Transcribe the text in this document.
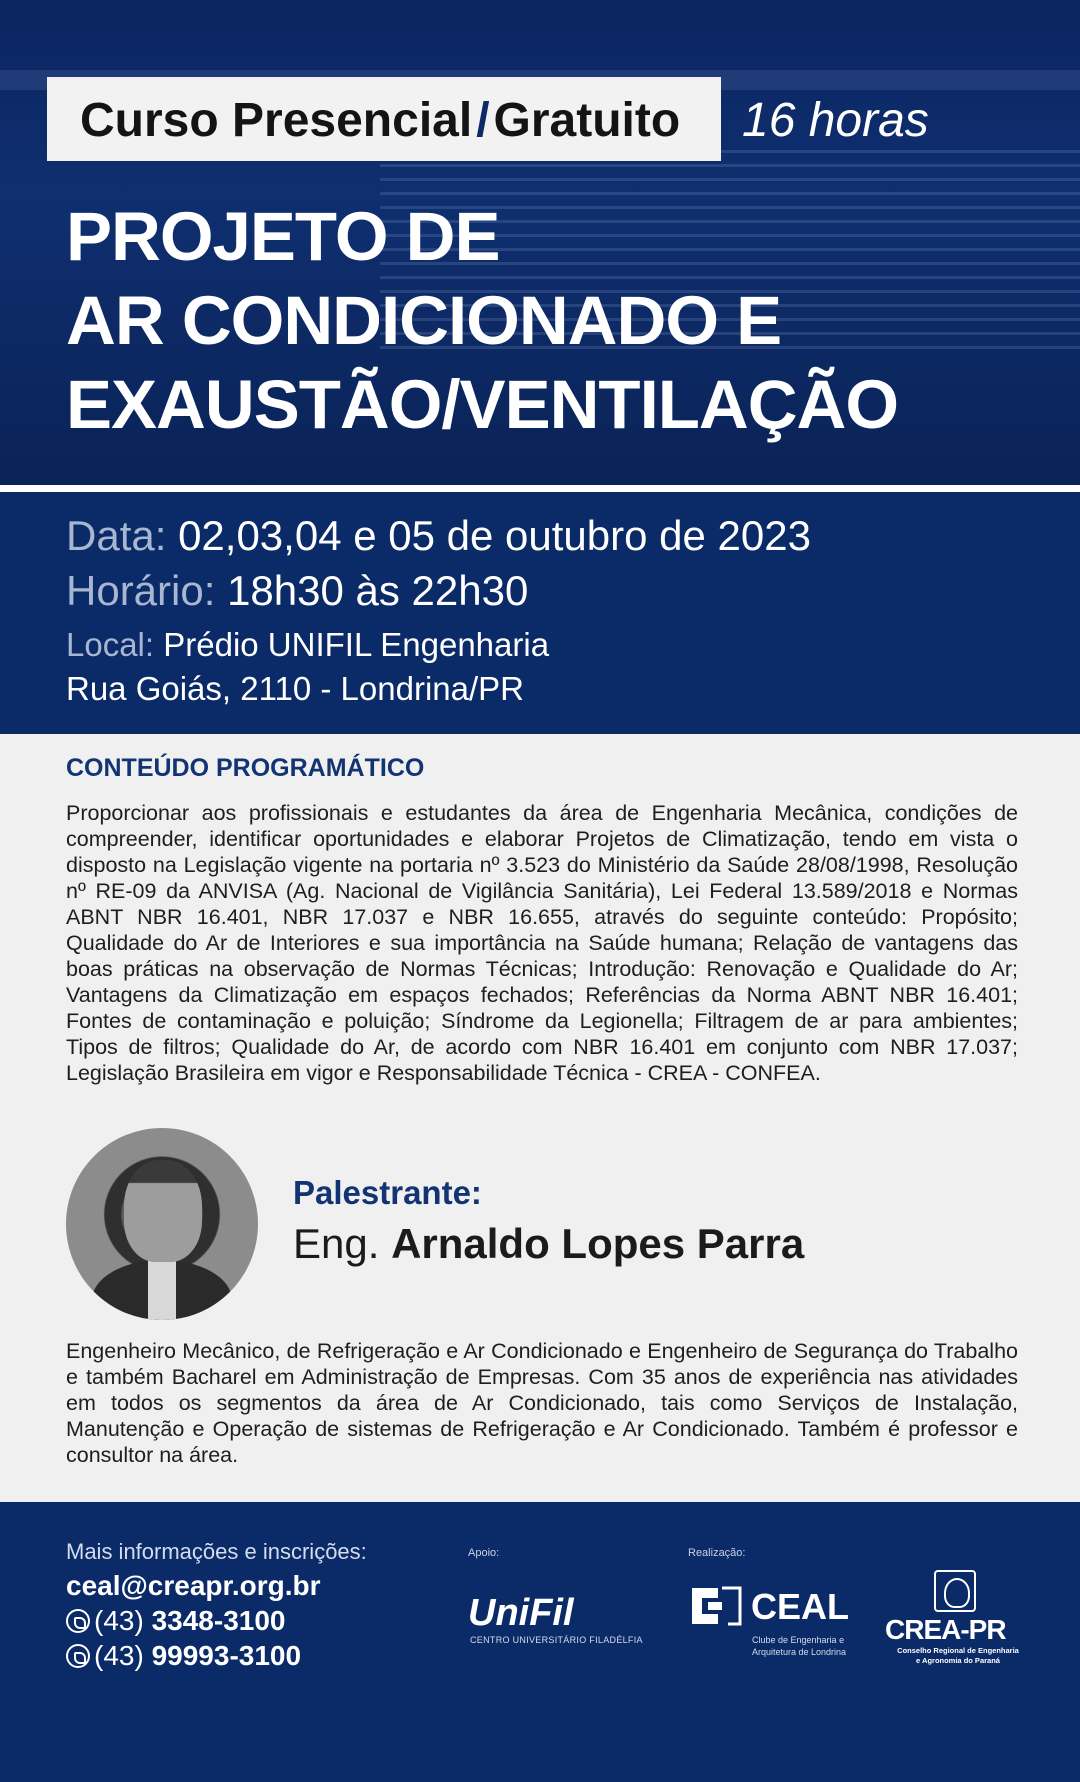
Curso Presencial/Gratuito 16 horas
PROJETO DE
AR CONDICIONADO E
EXAUSTÃO/VENTILAÇÃO
Data: 02,03,04 e 05 de outubro de 2023
Horário: 18h30 às 22h30
Local: Prédio UNIFIL Engenharia
Rua Goiás, 2110 - Londrina/PR
CONTEÚDO PROGRAMÁTICO
Proporcionar aos profissionais e estudantes da área de Engenharia Mecânica, condições de compreender, identificar oportunidades e elaborar Projetos de Climatização, tendo em vista o disposto na Legislação vigente na portaria nº 3.523 do Ministério da Saúde 28/08/1998, Resolução nº RE-09 da ANVISA (Ag. Nacional de Vigilância Sanitária), Lei Federal 13.589/2018 e Normas ABNT NBR 16.401, NBR 17.037 e NBR 16.655, através do seguinte conteúdo: Propósito; Qualidade do Ar de Interiores e sua importância na Saúde humana; Relação de vantagens das boas práticas na observação de Normas Técnicas; Introdução: Renovação e Qualidade do Ar; Vantagens da Climatização em espaços fechados; Referências da Norma ABNT NBR 16.401; Fontes de contaminação e poluição; Síndrome da Legionella; Filtragem de ar para ambientes; Tipos de filtros; Qualidade do Ar, de acordo com NBR 16.401 em conjunto com NBR 17.037; Legislação Brasileira em vigor e Responsabilidade Técnica - CREA - CONFEA.
Palestrante:
Eng. Arnaldo Lopes Parra
Engenheiro Mecânico, de Refrigeração e Ar Condicionado e Engenheiro de Segurança do Trabalho e também Bacharel em Administração de Empresas. Com 35 anos de experiência nas atividades em todos os segmentos da área de Ar Condicionado, tais como Serviços de Instalação, Manutenção e Operação de sistemas de Refrigeração e Ar Condicionado. Também é professor e consultor na área.
Mais informações e inscrições:
ceal@creapr.org.br
(43) 3348-3100
(43) 99993-3100
Apoio:
UniFil
CENTRO UNIVERSITÁRIO FILADÉLFIA
Realização:
CEAL
Clube de Engenharia e
Arquitetura de Londrina
CREA-PR
Conselho Regional de Engenharia
e Agronomia do Paraná
